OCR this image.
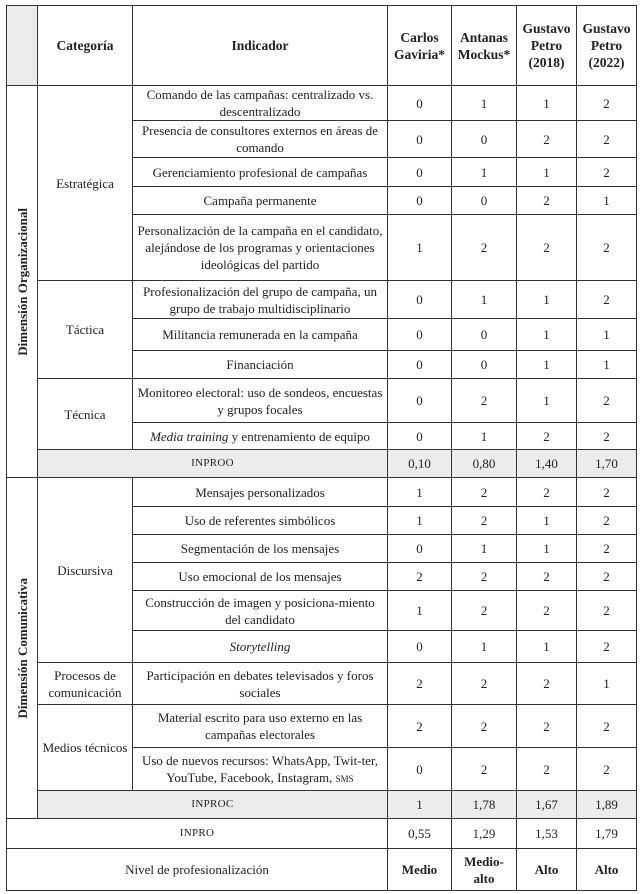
	Categoría	Indicador	Carlos Gaviria*	Antanas Mockus*	Gustavo Petro (2018)	Gustavo Petro (2022)

Dimensión Organizacional	Estratégica	Comando de las campañas: centralizado vs. descentralizado	0	1	1	2
		Presencia de consultores externos en áreas de comando	0	0	2	2
		Gerenciamiento profesional de campañas	0	1	1	2
		Campaña permanente	0	0	2	1
		Personalización de la campaña en el candidato, alejándose de los programas y orientaciones ideológicas del partido	1	2	2	2
	Táctica	Profesionalización del grupo de campaña, un grupo de trabajo multidisciplinario	0	1	1	2
		Militancia remunerada en la campaña	0	0	1	1
		Financiación	0	0	1	1
	Técnica	Monitoreo electoral: uso de sondeos, encuestas y grupos focales	0	2	1	2
		Media training y entrenamiento de equipo	0	1	2	2
	INPROO		0,10	0,80	1,40	1,70

Dimensión Comunicativa	Discursiva	Mensajes personalizados	1	2	2	2
		Uso de referentes simbólicos	1	2	1	2
		Segmentación de los mensajes	0	1	1	2
		Uso emocional de los mensajes	2	2	2	2
		Construcción de imagen y posiciona-miento del candidato	1	2	2	2
		Storytelling	0	1	1	2
	Procesos de comunicación	Participación en debates televisados y foros sociales	2	2	2	1
	Medios técnicos	Material escrito para uso externo en las campañas electorales	2	2	2	2
		Uso de nuevos recursos: WhatsApp, Twit-ter, YouTube, Facebook, Instagram, sms	0	2	2	2
	INPROC		1	1,78	1,67	1,89
INPRO			0,55	1,29	1,53	1,79
Nivel de profesionalización			Medio	Medio-alto	Alto	Alto
